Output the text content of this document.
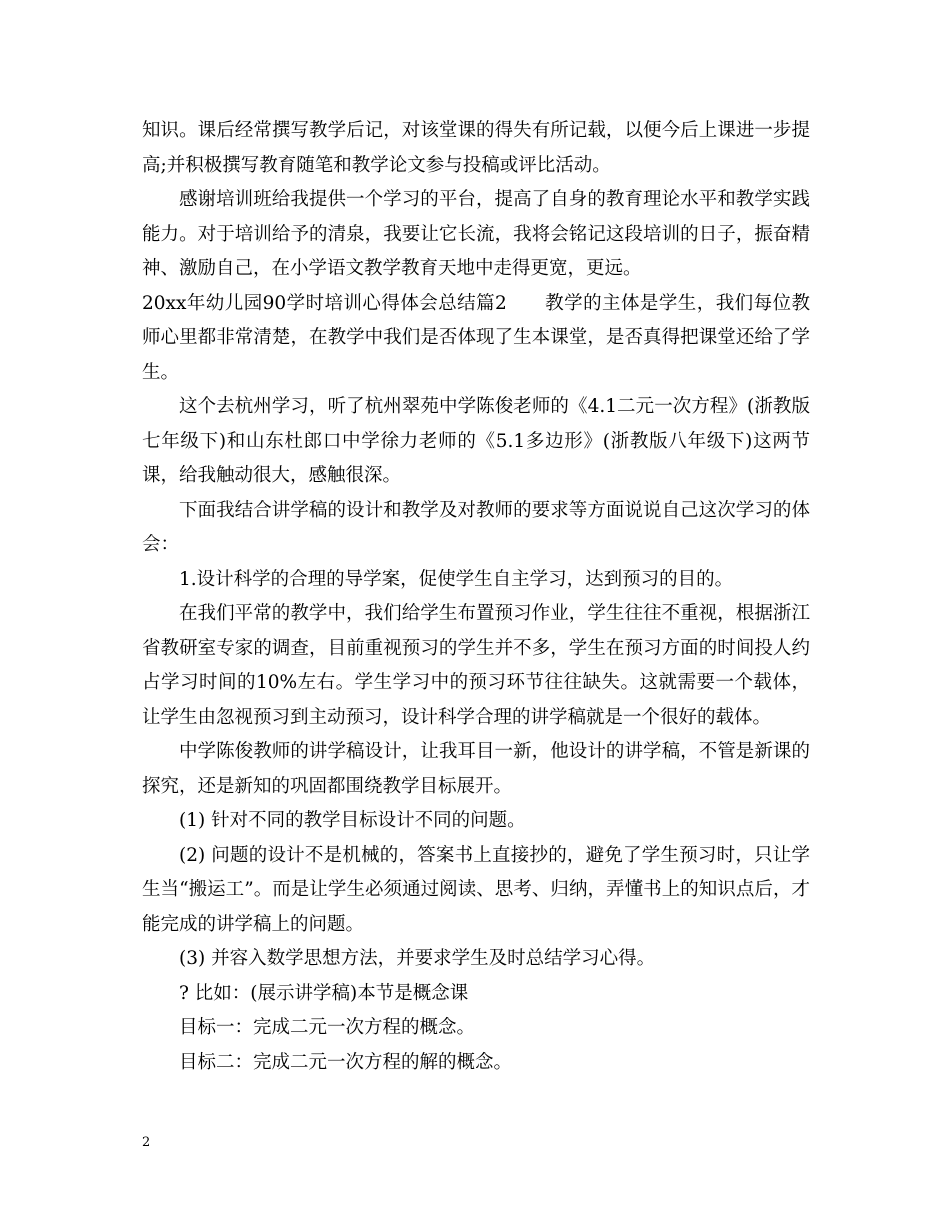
知识。课后经常撰写教学后记，对该堂课的得失有所记载，以便今后上课进一步提高;并积极撰写教育随笔和教学论文参与投稿或评比活动。

感谢培训班给我提供一个学习的平台，提高了自身的教育理论水平和教学实践能力。对于培训给予的清泉，我要让它长流，我将会铭记这段培训的日子，振奋精神、激励自己，在小学语文教学教育天地中走得更宽，更远。

20xx年幼儿园90学时培训心得体会总结篇2　　教学的主体是学生，我们每位教师心里都非常清楚，在教学中我们是否体现了生本课堂，是否真得把课堂还给了学生。

这个去杭州学习，听了杭州翠苑中学陈俊老师的《4.1二元一次方程》(浙教版七年级下)和山东杜郎口中学徐力老师的《5.1多边形》(浙教版八年级下)这两节课，给我触动很大，感触很深。

下面我结合讲学稿的设计和教学及对教师的要求等方面说说自己这次学习的体会：

1.设计科学的合理的导学案，促使学生自主学习，达到预习的目的。

在我们平常的教学中，我们给学生布置预习作业，学生往往不重视，根据浙江省教研室专家的调查，目前重视预习的学生并不多，学生在预习方面的时间投人约占学习时间的10%左右。学生学习中的预习环节往往缺失。这就需要一个载体，让学生由忽视预习到主动预习，设计科学合理的讲学稿就是一个很好的载体。

中学陈俊教师的讲学稿设计，让我耳目一新，他设计的讲学稿，不管是新课的探究，还是新知的巩固都围绕教学目标展开。

(1) 针对不同的教学目标设计不同的问题。

(2) 问题的设计不是机械的，答案书上直接抄的，避免了学生预习时，只让学生当“搬运工”。而是让学生必须通过阅读、思考、归纳，弄懂书上的知识点后，才能完成的讲学稿上的问题。

(3) 并容入数学思想方法，并要求学生及时总结学习心得。

? 比如：(展示讲学稿)本节是概念课

目标一：完成二元一次方程的概念。

目标二：完成二元一次方程的解的概念。

2
